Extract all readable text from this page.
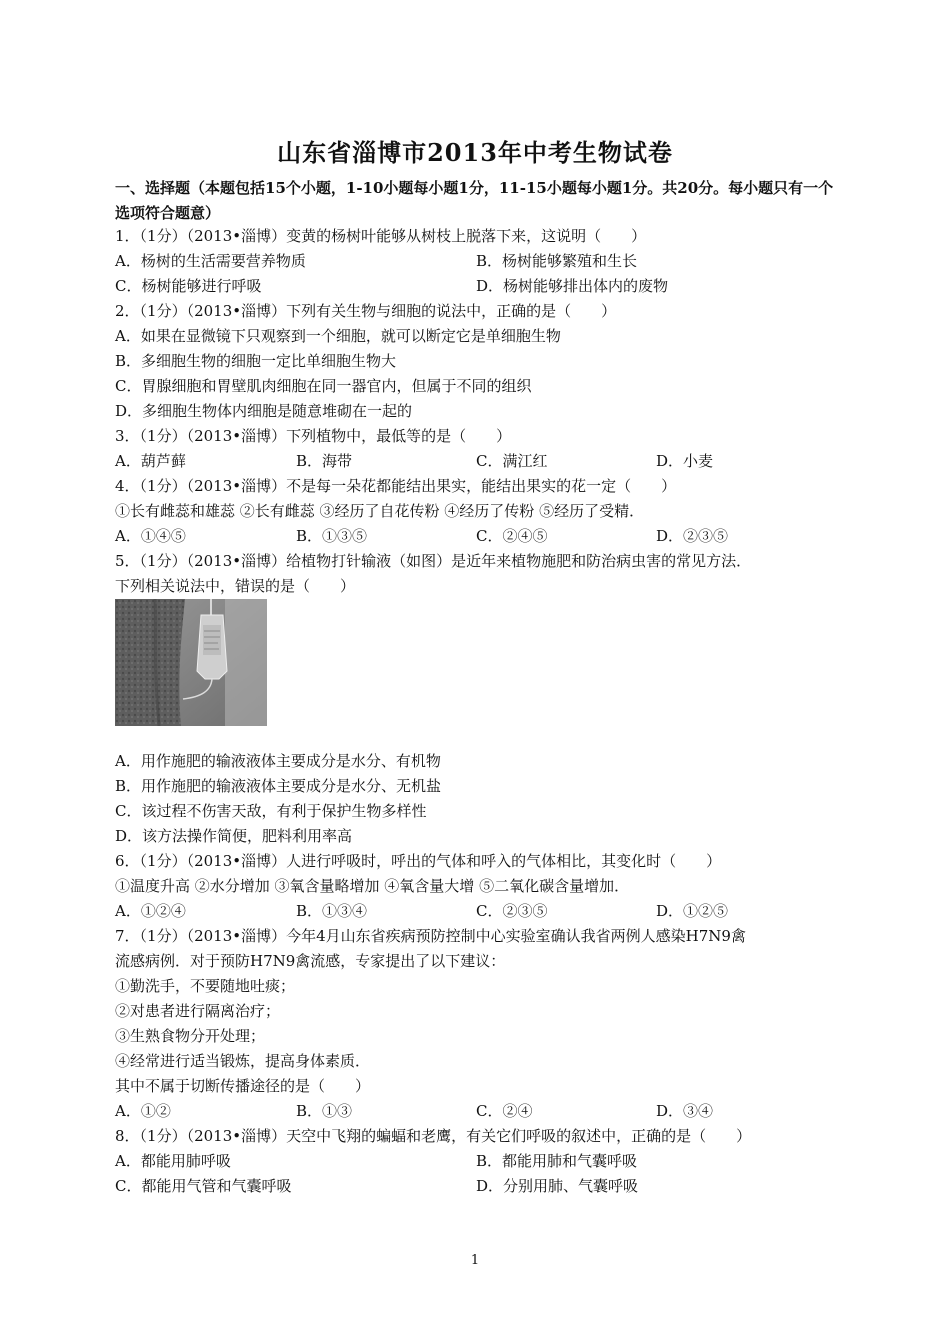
山东省淄博市2013年中考生物试卷
一、选择题（本题包括15个小题，1-10小题每小题1分，11-15小题每小题1分。共20分。每小题只有一个选项符合题意）
1．（1分）（2013•淄博）变黄的杨树叶能够从树枝上脱落下来，这说明（　　）
A．杨树的生活需要营养物质	B．杨树能够繁殖和生长
C．杨树能够进行呼吸	D．杨树能够排出体内的废物
2．（1分）（2013•淄博）下列有关生物与细胞的说法中，正确的是（　　）
A．如果在显微镜下只观察到一个细胞，就可以断定它是单细胞生物
B．多细胞生物的细胞一定比单细胞生物大
C．胃腺细胞和胃壁肌肉细胞在同一器官内，但属于不同的组织
D．多细胞生物体内细胞是随意堆砌在一起的
3．（1分）（2013•淄博）下列植物中，最低等的是（　　）
A．葫芦藓	B．海带	C．满江红	D．小麦
4．（1分）（2013•淄博）不是每一朵花都能结出果实，能结出果实的花一定（　　）
①长有雌蕊和雄蕊 ②长有雌蕊 ③经历了自花传粉 ④经历了传粉 ⑤经历了受精．
A．①④⑤	B．①③⑤	C．②④⑤	D．②③⑤
5．（1分）（2013•淄博）给植物打针输液（如图）是近年来植物施肥和防治病虫害的常见方法．
下列相关说法中，错误的是（　　）
A．用作施肥的输液液体主要成分是水分、有机物
B．用作施肥的输液液体主要成分是水分、无机盐
C．该过程不伤害天敌，有利于保护生物多样性
D．该方法操作简便，肥料利用率高
6．（1分）（2013•淄博）人进行呼吸时，呼出的气体和呼入的气体相比，其变化时（　　）
①温度升高 ②水分增加 ③氧含量略增加 ④氧含量大增 ⑤二氧化碳含量增加．
A．①②④	B．①③④	C．②③⑤	D．①②⑤
7．（1分）（2013•淄博）今年4月山东省疾病预防控制中心实验室确认我省两例人感染H7N9禽
流感病例．对于预防H7N9禽流感，专家提出了以下建议：
①勤洗手，不要随地吐痰；
②对患者进行隔离治疗；
③生熟食物分开处理；
④经常进行适当锻炼，提高身体素质．
其中不属于切断传播途径的是（　　）
A．①②	B．①③	C．②④	D．③④
8．（1分）（2013•淄博）天空中飞翔的蝙蝠和老鹰，有关它们呼吸的叙述中，正确的是（　　）
A．都能用肺呼吸	B．都能用肺和气囊呼吸
C．都能用气管和气囊呼吸	D．分别用肺、气囊呼吸
1
